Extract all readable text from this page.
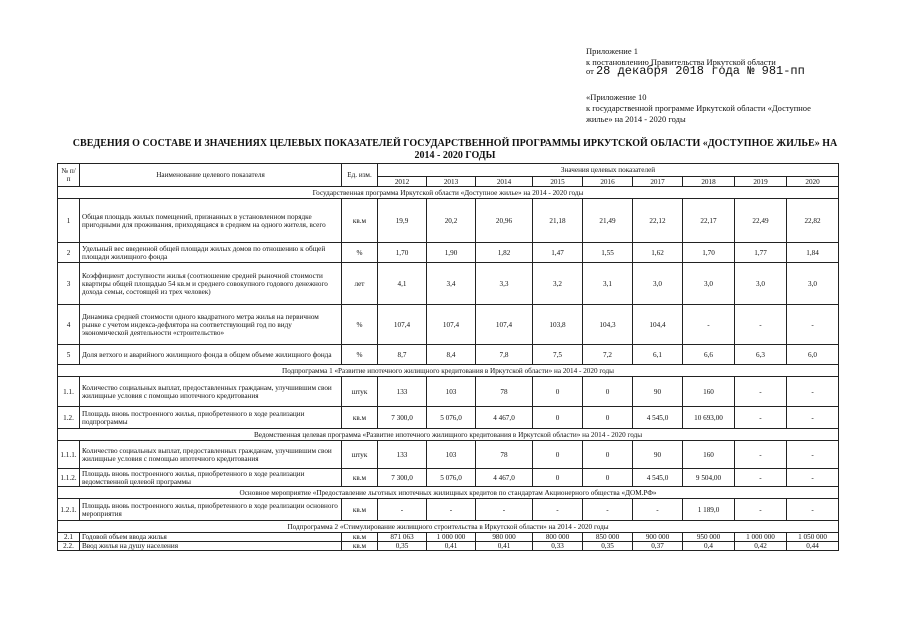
Приложение 1
к постановлению Правительства Иркутской области
от 28 декабря 2018 года № 981-пп
«Приложение 10
к государственной программе Иркутской области «Доступное
жилье» на 2014 - 2020 годы
СВЕДЕНИЯ О СОСТАВЕ И ЗНАЧЕНИЯХ ЦЕЛЕВЫХ ПОКАЗАТЕЛЕЙ ГОСУДАРСТВЕННОЙ ПРОГРАММЫ ИРКУТСКОЙ ОБЛАСТИ «ДОСТУПНОЕ ЖИЛЬЕ» НА
2014 - 2020 ГОДЫ
№ п/п	Наименование целевого показателя	Ед. изм.	Значения целевых показателей								
			2012	2013	2014	2015	2016	2017	2018	2019	2020
Государственная программа Иркутской области «Доступное жилье» на 2014 - 2020 годы											
1	Общая площадь жилых помещений, признанных в установленном порядке пригодными для проживания, приходящаяся в среднем на одного жителя, всего	кв.м	19,9	20,2	20,96	21,18	21,49	22,12	22,17	22,49	22,82
2	Удельный вес введенной общей площади жилых домов по отношению к общей площади жилищного фонда	%	1,70	1,90	1,82	1,47	1,55	1,62	1,70	1,77	1,84
3	Коэффициент доступности жилья (соотношение средней рыночной стоимости квартиры общей площадью 54 кв.м и среднего совокупного годового денежного дохода семьи, состоящей из трех человек)	лет	4,1	3,4	3,3	3,2	3,1	3,0	3,0	3,0	3,0
4	Динамика средней стоимости одного квадратного метра жилья на первичном рынке с учетом индекса-дефлятора на соответствующий год по виду экономической деятельности «строительство»	%	107,4	107,4	107,4	103,8	104,3	104,4	-	-	-
5	Доля ветхого и аварийного жилищного фонда в общем объеме жилищного фонда	%	8,7	8,4	7,8	7,5	7,2	6,1	6,6	6,3	6,0
Подпрограмма 1 «Развитие ипотечного жилищного кредитования в Иркутской области» на 2014 - 2020 годы											
1.1.	Количество социальных выплат, предоставленных гражданам, улучшившим свои жилищные условия с помощью ипотечного кредитования	штук	133	103	78	0	0	90	160	-	-
1.2.	Площадь вновь построенного жилья, приобретенного в ходе реализации подпрограммы	кв.м	7 300,0	5 076,0	4 467,0	0	0	4 545,0	10 693,00	-	-
Ведомственная целевая программа «Развитие ипотечного жилищного кредитования в Иркутской области» на 2014 - 2020 годы											
1.1.1.	Количество социальных выплат, предоставленных гражданам, улучшившим свои жилищные условия с помощью ипотечного кредитования	штук	133	103	78	0	0	90	160	-	-
1.1.2.	Площадь вновь построенного жилья, приобретенного в ходе реализации ведомственной целевой программы	кв.м	7 300,0	5 076,0	4 467,0	0	0	4 545,0	9 504,00	-	-
Основное мероприятие «Предоставление льготных ипотечных жилищных кредитов по стандартам Акционерного общества «ДОМ.РФ»											
1.2.1.	Площадь вновь построенного жилья, приобретенного в ходе реализации основного мероприятия	кв.м	-	-	-	-	-	-	1 189,0	-	-
Подпрограмма 2 «Стимулирование жилищного строительства в Иркутской области» на 2014 - 2020 годы											
2.1	Годовой объем ввода жилья	кв.м	871 063	1 000 000	980 000	800 000	850 000	900 000	950 000	1 000 000	1 050 000
2.2.	Ввод жилья на душу населения	кв.м	0,35	0,41	0,41	0,33	0,35	0,37	0,4	0,42	0,44
